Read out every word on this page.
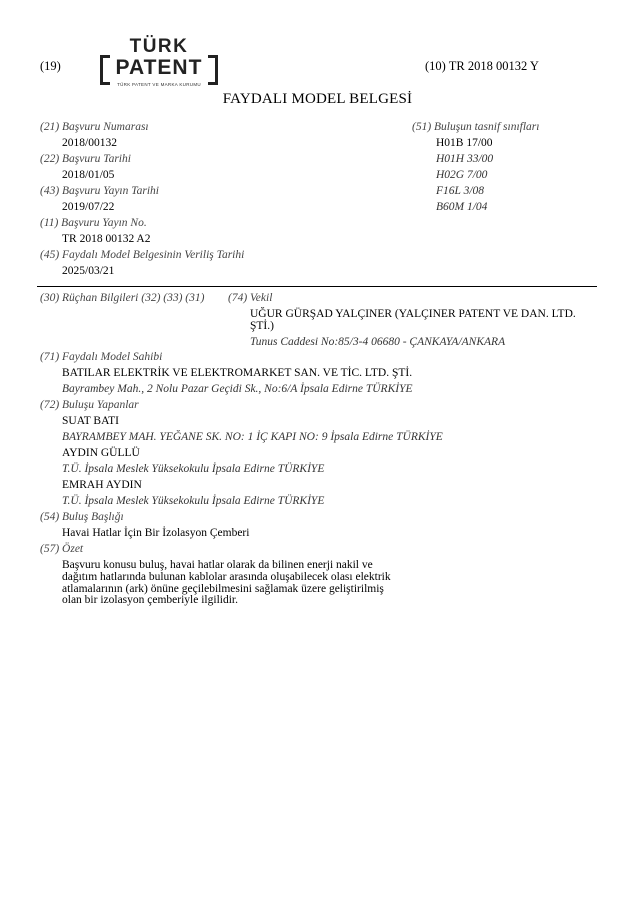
(19)	(10) TR 2018 00132 Y
TÜRK
PATENT
TÜRK PATENT VE MARKA KURUMU
FAYDALI MODEL BELGESİ
(21) Başvuru Numarası
2018/00132
(22) Başvuru Tarihi
2018/01/05
(43) Başvuru Yayın Tarihi
2019/07/22
(11) Başvuru Yayın No.
TR 2018 00132 A2
(45) Faydalı Model Belgesinin Veriliş Tarihi
2025/03/21
(51) Buluşun tasnif sınıfları
H01B 17/00
H01H 33/00
H02G 7/00
F16L 3/08
B60M 1/04
(30) Rüçhan Bilgileri (32) (33) (31) (74) Vekil
UĞUR GÜRŞAD YALÇINER (YALÇINER PATENT VE DAN. LTD.
ŞTİ.)
Tunus Caddesi No:85/3-4 06680 - ÇANKAYA/ANKARA
(71) Faydalı Model Sahibi
BATILAR ELEKTRİK VE ELEKTROMARKET SAN. VE TİC. LTD. ŞTİ.
Bayrambey Mah., 2 Nolu Pazar Geçidi Sk., No:6/A İpsala Edirne TÜRKİYE
(72) Buluşu Yapanlar
SUAT BATI
BAYRAMBEY MAH. YEĞANE SK. NO: 1 İÇ KAPI NO: 9 İpsala Edirne TÜRKİYE
AYDIN GÜLLÜ
T.Ü. İpsala Meslek Yüksekokulu İpsala Edirne TÜRKİYE
EMRAH AYDIN
T.Ü. İpsala Meslek Yüksekokulu İpsala Edirne TÜRKİYE
(54) Buluş Başlığı
Havai Hatlar İçin Bir İzolasyon Çemberi
(57) Özet
Başvuru konusu buluş, havai hatlar olarak da bilinen enerji nakil ve
dağıtım hatlarında bulunan kablolar arasında oluşabilecek olası elektrik
atlamalarının (ark) önüne geçilebilmesini sağlamak üzere geliştirilmiş
olan bir izolasyon çemberiyle ilgilidir.
